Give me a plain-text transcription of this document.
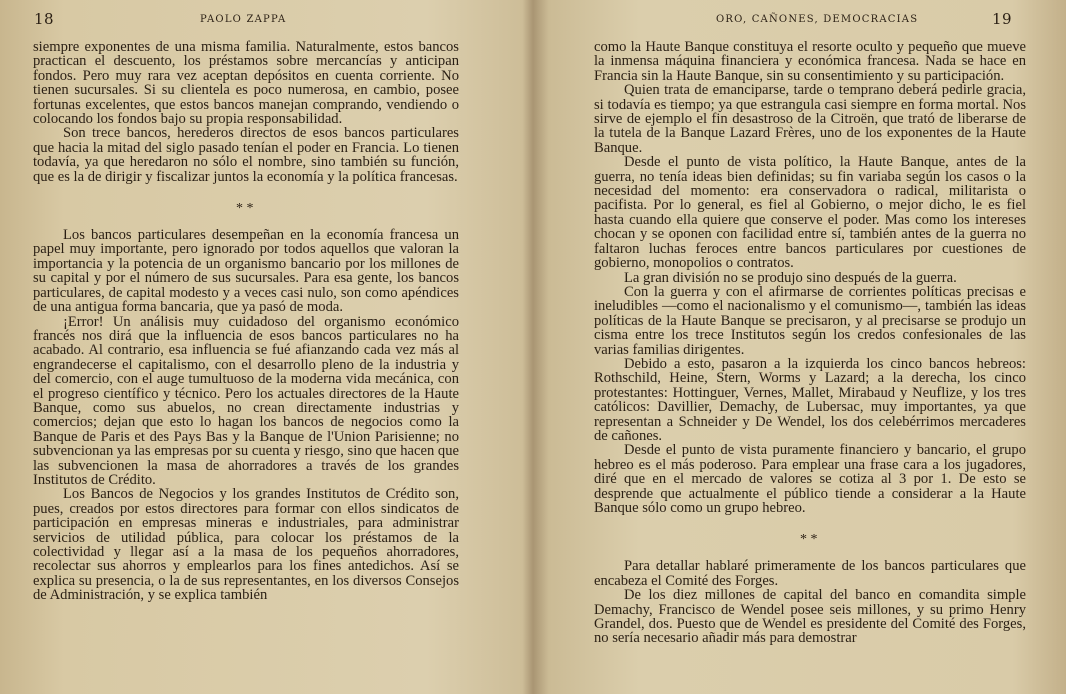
18	PAOLO ZAPPA

siempre exponentes de una misma familia. Naturalmente, estos bancos practican el descuento, los préstamos sobre mercancías y anticipan fondos. Pero muy rara vez aceptan depósitos en cuenta corriente. No tienen sucursales. Si su clientela es poco numerosa, en cambio, posee fortunas excelentes, que estos bancos manejan comprando, vendiendo o colocando los fondos bajo su propia responsabilidad.

Son trece bancos, herederos directos de esos bancos particulares que hacia la mitad del siglo pasado tenían el poder en Francia. Lo tienen todavía, ya que heredaron no sólo el nombre, sino también su función, que es la de dirigir y fiscalizar juntos la economía y la política francesas.

* *

Los bancos particulares desempeñan en la economía francesa un papel muy importante, pero ignorado por todos aquellos que valoran la importancia y la potencia de un organismo bancario por los millones de su capital y por el número de sus sucursales. Para esa gente, los bancos particulares, de capital modesto y a veces casi nulo, son como apéndices de una antigua forma bancaria, que ya pasó de moda.

¡Error! Un análisis muy cuidadoso del organismo económico francés nos dirá que la influencia de esos bancos particulares no ha acabado. Al contrario, esa influencia se fué afianzando cada vez más al engrandecerse el capitalismo, con el desarrollo pleno de la industria y del comercio, con el auge tumultuoso de la moderna vida mecánica, con el progreso científico y técnico. Pero los actuales directores de la Haute Banque, como sus abuelos, no crean directamente industrias y comercios; dejan que esto lo hagan los bancos de negocios como la Banque de Paris et des Pays Bas y la Banque de l'Union Parisienne; no subvencionan ya las empresas por su cuenta y riesgo, sino que hacen que las subvencionen la masa de ahorradores a través de los grandes Institutos de Crédito.

Los Bancos de Negocios y los grandes Institutos de Crédito son, pues, creados por estos directores para formar con ellos sindicatos de participación en empresas mineras e industriales, para administrar servicios de utilidad pública, para colocar los préstamos de la colectividad y llegar así a la masa de los pequeños ahorradores, recolectar sus ahorros y emplearlos para los fines antedichos. Así se explica su presencia, o la de sus representantes, en los diversos Consejos de Administración, y se explica también

ORO, CAÑONES, DEMOCRACIAS	19

como la Haute Banque constituya el resorte oculto y pequeño que mueve la inmensa máquina financiera y económica francesa. Nada se hace en Francia sin la Haute Banque, sin su consentimiento y su participación.

Quien trata de emanciparse, tarde o temprano deberá pedirle gracia, si todavía es tiempo; ya que estrangula casi siempre en forma mortal. Nos sirve de ejemplo el fin desastroso de la Citroën, que trató de liberarse de la tutela de la Banque Lazard Frères, uno de los exponentes de la Haute Banque.

Desde el punto de vista político, la Haute Banque, antes de la guerra, no tenía ideas bien definidas; su fin variaba según los casos o la necesidad del momento: era conservadora o radical, militarista o pacifista. Por lo general, es fiel al Gobierno, o mejor dicho, le es fiel hasta cuando ella quiere que conserve el poder. Mas como los intereses chocan y se oponen con facilidad entre sí, también antes de la guerra no faltaron luchas feroces entre bancos particulares por cuestiones de gobierno, monopolios o contratos.

La gran división no se produjo sino después de la guerra.

Con la guerra y con el afirmarse de corrientes políticas precisas e ineludibles —como el nacionalismo y el comunismo—, también las ideas políticas de la Haute Banque se precisaron, y al precisarse se produjo un cisma entre los trece Institutos según los credos confesionales de las varias familias dirigentes.

Debido a esto, pasaron a la izquierda los cinco bancos hebreos: Rothschild, Heine, Stern, Worms y Lazard; a la derecha, los cinco protestantes: Hottinguer, Vernes, Mallet, Mirabaud y Neuflize, y los tres católicos: Davillier, Demachy, de Lubersac, muy importantes, ya que representan a Schneider y De Wendel, los dos celebérrimos mercaderes de cañones.

Desde el punto de vista puramente financiero y bancario, el grupo hebreo es el más poderoso. Para emplear una frase cara a los jugadores, diré que en el mercado de valores se cotiza al 3 por 1. De esto se desprende que actualmente el público tiende a considerar a la Haute Banque sólo como un grupo hebreo.

* *

Para detallar hablaré primeramente de los bancos particulares que encabeza el Comité des Forges.

De los diez millones de capital del banco en comandita simple Demachy, Francisco de Wendel posee seis millones, y su primo Henry Grandel, dos. Puesto que de Wendel es presidente del Comité des Forges, no sería necesario añadir más para demostrar
